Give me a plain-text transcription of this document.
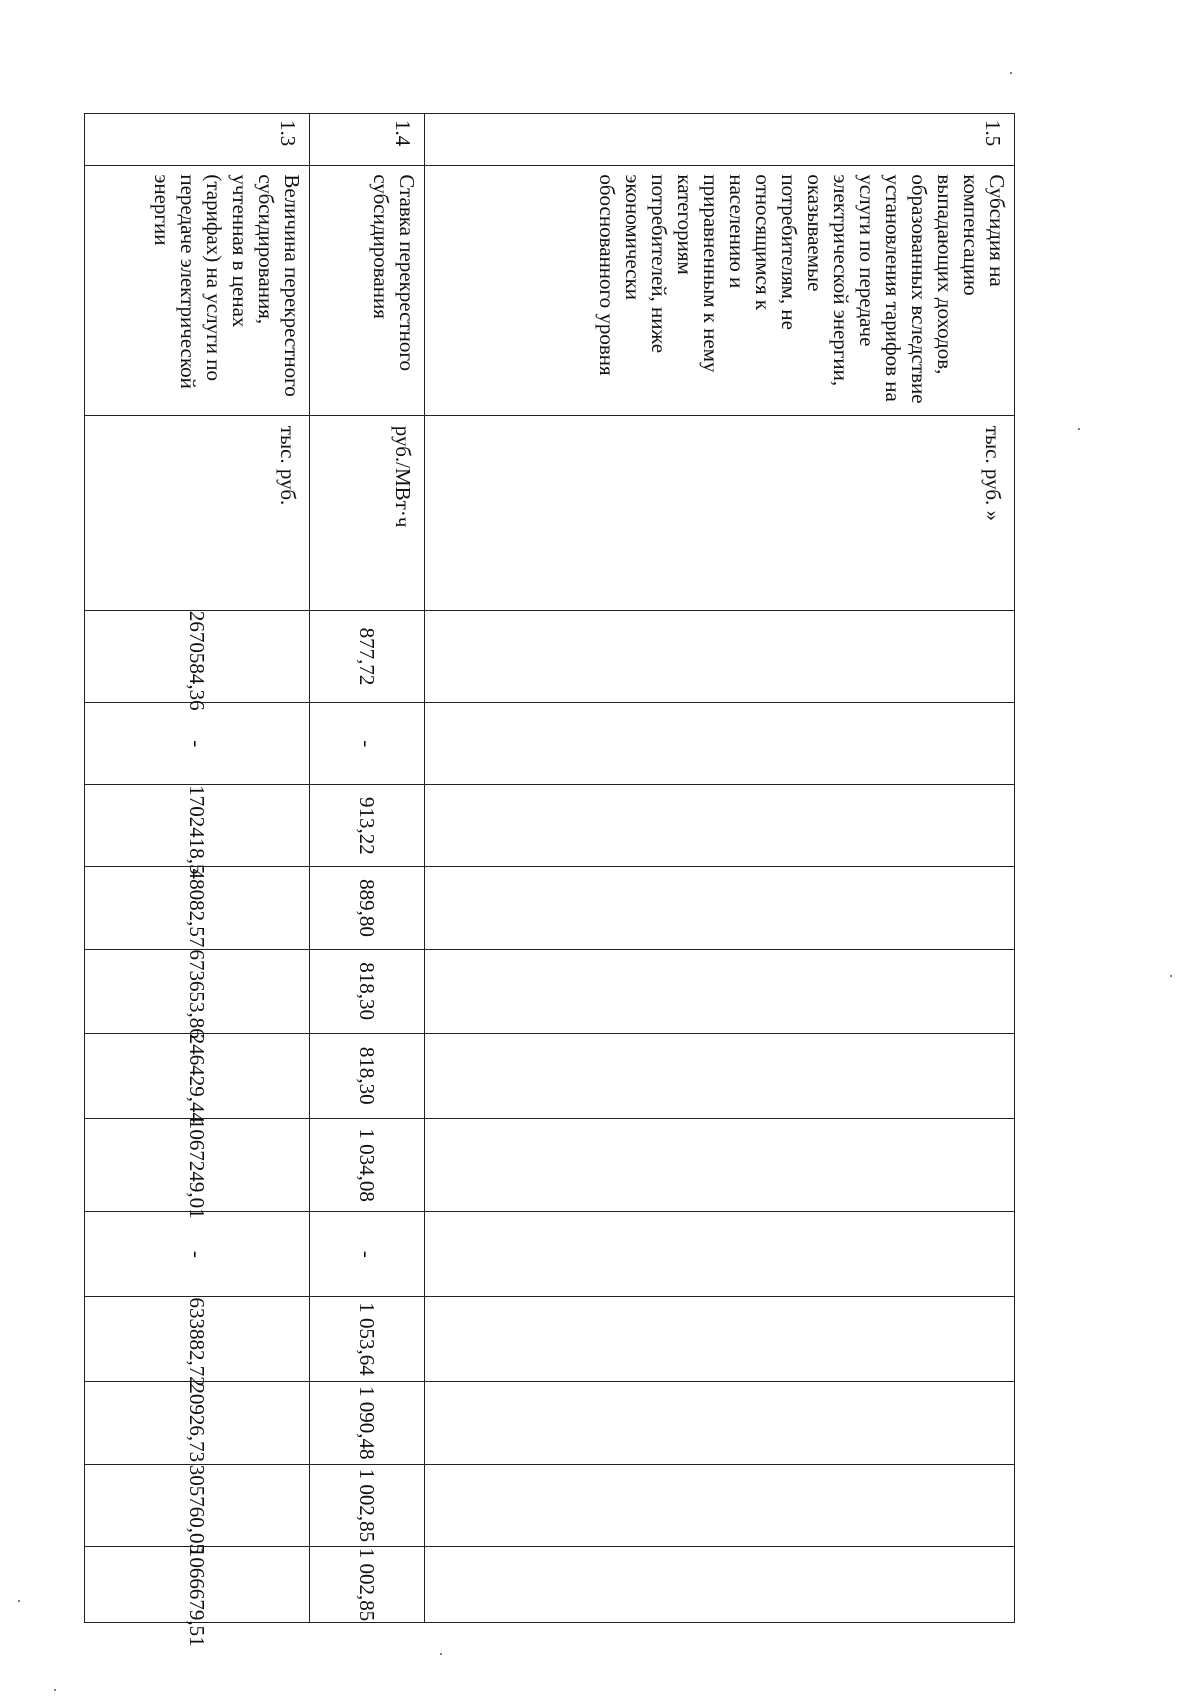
1.5	Субсидия на компенсацию выпадающих доходов, образованных вследствие установления тарифов на услуги по передаче электрической энергии, оказываемые потребителям, не относящимся к населению и приравненным к нему категориям потребителей, ниже экономически обоснованного уровня	тыс. руб. »												
1.4	Ставка перекрестного субсидирования	руб./МВт·ч	877,72	-	913,22	889,80	818,30	818,30	1 034,08	-	1 053,64	1 090,48	1 002,85	1 002,85
1.3	Величина перекрестного субсидирования, учтенная в ценах (тарифах) на услуги по передаче электрической энергии	тыс. руб.	2670584,36	-	1702418,5	48082,57	673653,86	246429,44	1067249,01	-	633882,72	20926,73	305760,05	1066679,51
